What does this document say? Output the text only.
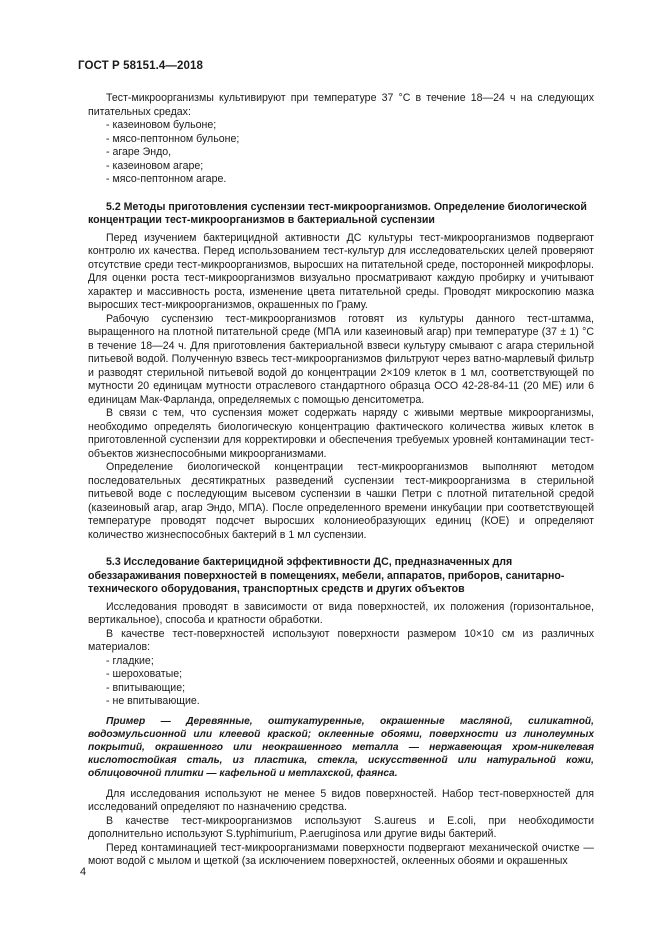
ГОСТ Р 58151.4—2018

Тест-микроорганизмы культивируют при температуре 37 °С в течение 18—24 ч на следующих питательных средах:

- казеиновом бульоне;
- мясо-пептонном бульоне;
- агаре Эндо,
- казеиновом агаре;
- мясо-пептонном агаре.
5.2 Методы приготовления суспензии тест-микроорганизмов. Определение биологической концентрации тест-микроорганизмов в бактериальной суспензии

Перед изучением бактерицидной активности ДС культуры тест-микроорганизмов подвергают контролю их качества. Перед использованием тест-культур для исследовательских целей проверяют отсутствие среди тест-микроорганизмов, выросших на питательной среде, посторонней микрофлоры. Для оценки роста тест-микроорганизмов визуально просматривают каждую пробирку и учитывают характер и массивность роста, изменение цвета питательной среды. Проводят микроскопию мазка выросших тест-микроорганизмов, окрашенных по Граму.

Рабочую суспензию тест-микроорганизмов готовят из культуры данного тест-штамма, выращенного на плотной питательной среде (МПА или казеиновый агар) при температуре (37 ± 1) °С в течение 18—24 ч. Для приготовления бактериальной взвеси культуру смывают с агара стерильной питьевой водой. Полученную взвесь тест-микроорганизмов фильтруют через ватно-марлевый фильтр и разводят стерильной питьевой водой до концентрации 2×109 клеток в 1 мл, соответствующей по мутности 20 единицам мутности отраслевого стандартного образца ОСО 42-28-84-11 (20 МЕ) или 6 единицам Мак-Фарланда, определяемых с помощью денситометра.

В связи с тем, что суспензия может содержать наряду с живыми мертвые микроорганизмы, необходимо определять биологическую концентрацию фактического количества живых клеток в приготовленной суспензии для корректировки и обеспечения требуемых уровней контаминации тест-объектов жизнеспособными микроорганизмами.

Определение биологической концентрации тест-микроорганизмов выполняют методом последовательных десятикратных разведений суспензии тест-микроорганизма в стерильной питьевой воде с последующим высевом суспензии в чашки Петри с плотной питательной средой (казеиновый агар, агар Эндо, МПА). После определенного времени инкубации при соответствующей температуре проводят подсчет выросших колониеобразующих единиц (КОЕ) и определяют количество жизнеспособных бактерий в 1 мл суспензии.

5.3 Исследование бактерицидной эффективности ДС, предназначенных для обеззараживания поверхностей в помещениях, мебели, аппаратов, приборов, санитарно-технического оборудования, транспортных средств и других объектов

Исследования проводят в зависимости от вида поверхностей, их положения (горизонтальное, вертикальное), способа и кратности обработки.

В качестве тест-поверхностей используют поверхности размером 10×10 см из различных материалов:

- гладкие;
- шероховатые;
- впитывающие;
- не впитывающие.

Пример — Деревянные, оштукатуренные, окрашенные масляной, силикатной, водоэмульсионной или клеевой краской; оклеенные обоями, поверхности из линолеумных покрытий, окрашенного или неокрашенного металла — нержавеющая хром-никелевая кислотостойкая сталь, из пластика, стекла, искусственной или натуральной кожи, облицовочной плитки — кафельной и метлахской, фаянса.

Для исследования используют не менее 5 видов поверхностей. Набор тест-поверхностей для исследований определяют по назначению средства.

В качестве тест-микроорганизмов используют S.aureus и E.coli, при необходимости дополнительно используют S.typhimurium, P.aeruginosa или другие виды бактерий.

Перед контаминацией тест-микроорганизмами поверхности подвергают механической очистке — моют водой с мылом и щеткой (за исключением поверхностей, оклеенных обоями и окрашенных

4
